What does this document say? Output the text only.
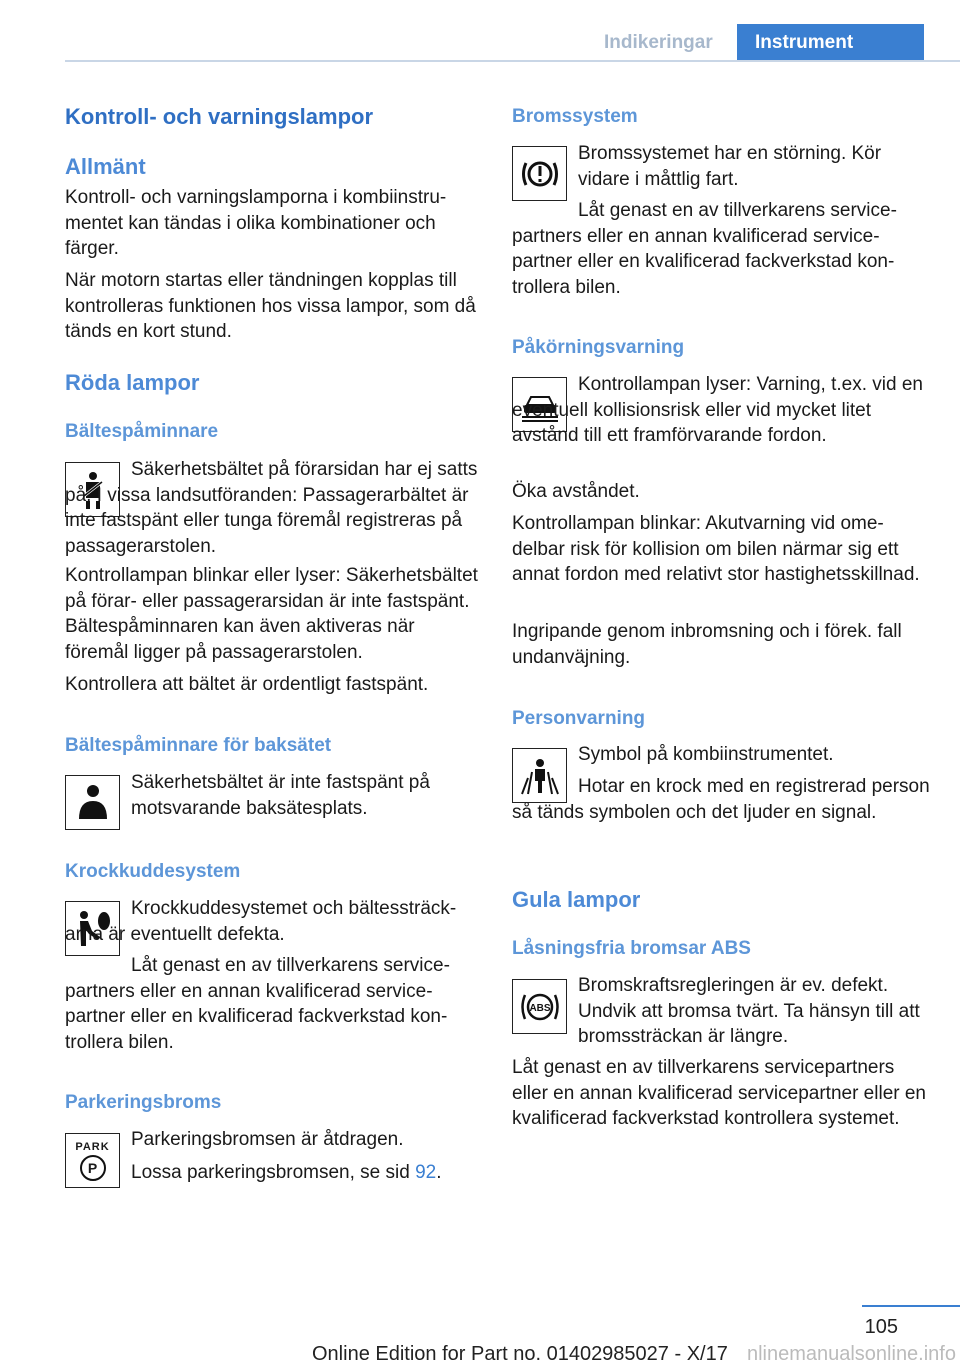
Indikeringar	Instrument
Kontroll- och varningslampor
Allmänt

Kontroll- och varningslamporna i kombiinstrumentet kan tändas i olika kombinationer och färger.

När motorn startas eller tändningen kopplas till kontrolleras funktionen hos vissa lampor, som då tänds en kort stund.

Röda lampor
Bältespåminnare

Säkerhetsbältet på förarsidan har ej satts på. I vissa landsutföranden: Passagerarbältet är inte fastspänt eller tunga föremål registreras på passagerarstolen.

Kontrollampan blinkar eller lyser: Säkerhetsbältet på förar- eller passagerarsidan är inte fastspänt. Bältespåminnaren kan även aktiveras när föremål ligger på passagerarstolen.

Kontrollera att bältet är ordentligt fastspänt.

Bältespåminnare för baksätet

Säkerhetsbältet är inte fastspänt på motsvarande baksätesplats.

Krockkuddesystem

Krockkuddesystemet och bältessträckarna är eventuellt defekta.

Låt genast en av tillverkarens servicepartners eller en annan kvalificerad servicepartner eller en kvalificerad fackverkstad kontrollera bilen.

Parkeringsbroms
PARK
P

Parkeringsbromsen är åtdragen.

Lossa parkeringsbromsen, se sid 92.

Bromssystem

Bromssystemet har en störning. Kör vidare i måttlig fart.

Låt genast en av tillverkarens servicepartners eller en annan kvalificerad servicepartner eller en kvalificerad fackverkstad kontrollera bilen.

Påkörningsvarning

Kontrollampan lyser: Varning, t.ex. vid en eventuell kollisionsrisk eller vid mycket litet avstånd till ett framförvarande fordon.

Öka avståndet.

Kontrollampan blinkar: Akutvarning vid omedelbar risk för kollision om bilen närmar sig ett annat fordon med relativt stor hastighetsskillnad.

Ingripande genom inbromsning och i förek. fall undanväjning.

Personvarning

Symbol på kombiinstrumentet.

Hotar en krock med en registrerad person så tänds symbolen och det ljuder en signal.

Gula lampor
Låsningsfria bromsar ABS
ABS

Bromskraftsregleringen är ev. defekt. Undvik att bromsa tvärt. Ta hänsyn till att bromssträckan är längre.

Låt genast en av tillverkarens servicepartners eller en annan kvalificerad servicepartner eller en kvalificerad fackverkstad kontrollera systemet.

105
Online Edition for Part no. 01402985027 - X/17 nlinemanualsonline.info
